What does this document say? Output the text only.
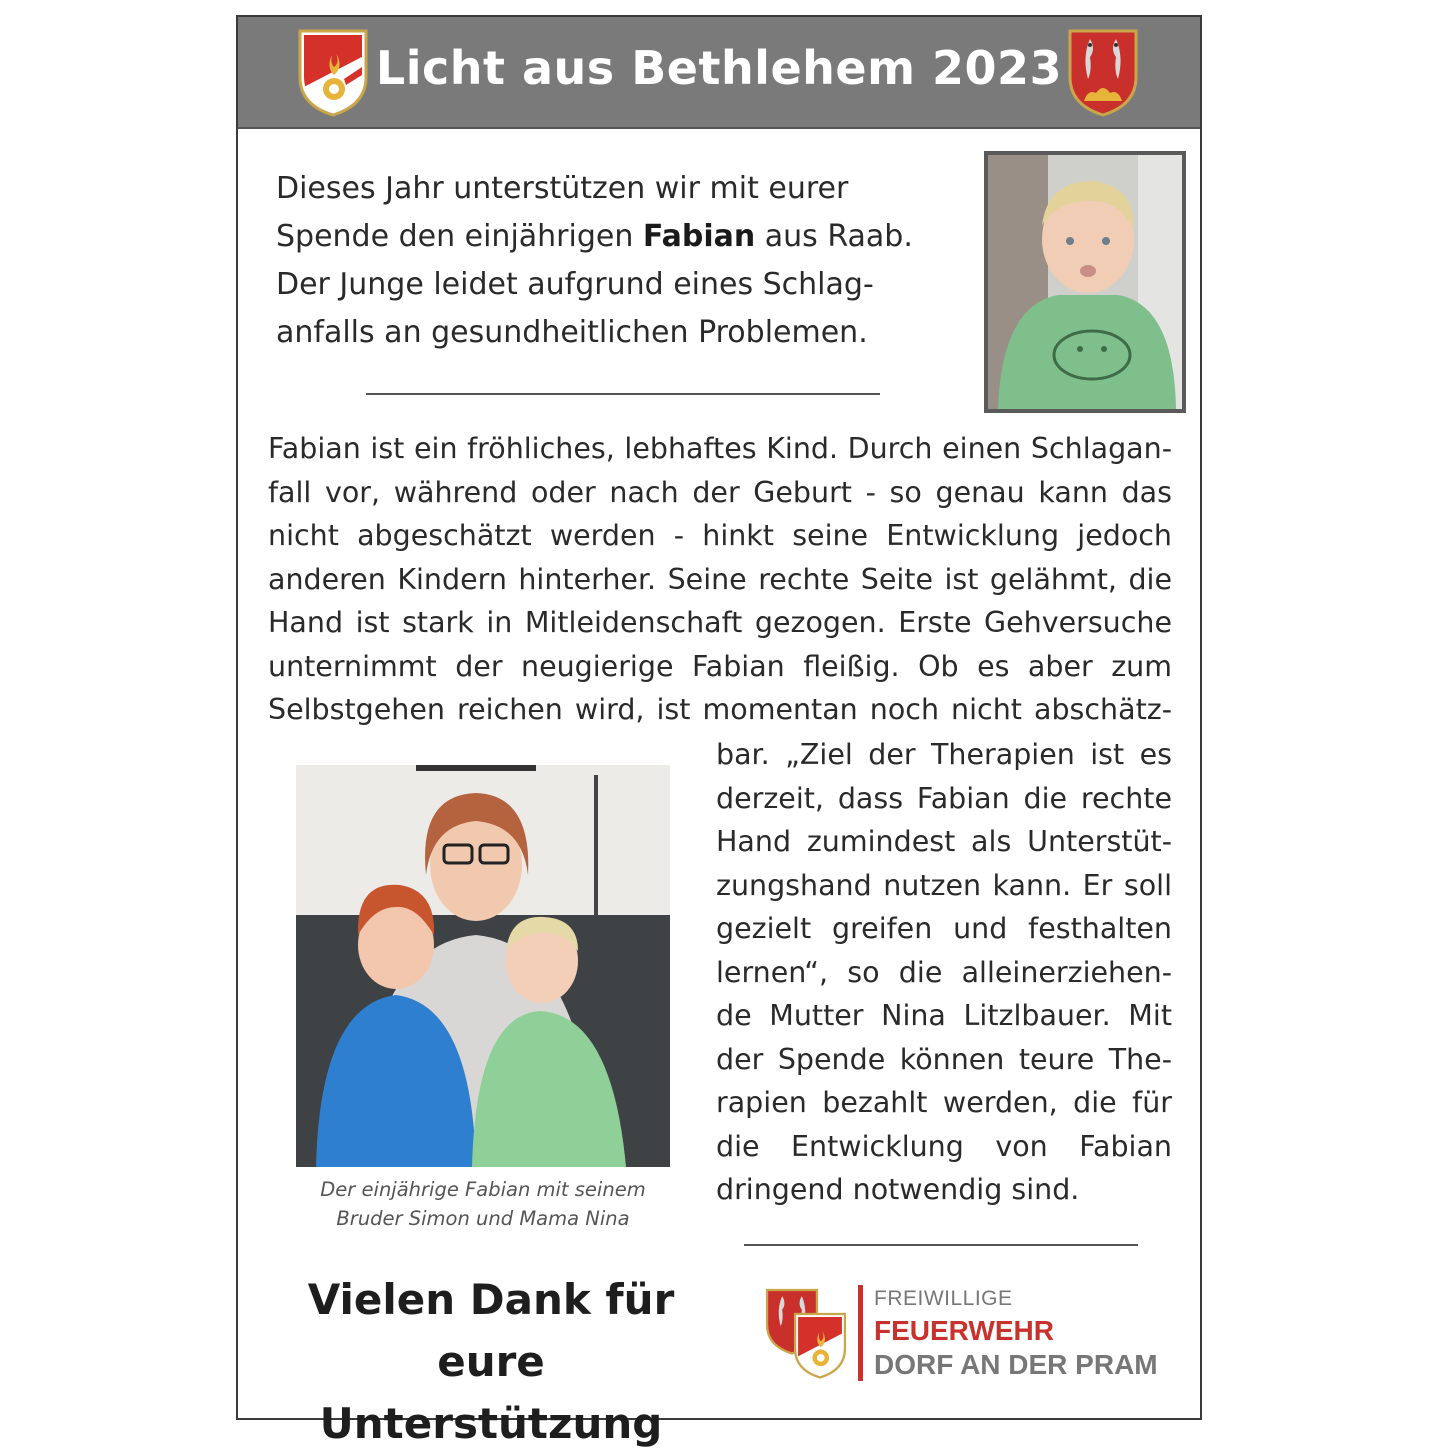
Licht aus Bethlehem 2023
Dieses Jahr unterstützen wir mit eurer Spende den einjährigen Fabian aus Raab. Der Junge leidet aufgrund eines Schlag- anfalls an gesundheitlichen Problemen.
Fabian ist ein fröhliches, lebhaftes Kind. Durch einen Schlagan-
fall vor, während oder nach der Geburt - so genau kann das
nicht abgeschätzt werden - hinkt seine Entwicklung jedoch
anderen Kindern hinterher. Seine rechte Seite ist gelähmt, die
Hand ist stark in Mitleidenschaft gezogen. Erste Gehversuche
unternimmt der neugierige Fabian fleißig. Ob es aber zum
Selbstgehen reichen wird, ist momentan noch nicht abschätz-
bar. „Ziel der Therapien ist es
derzeit, dass Fabian die rechte
Hand zumindest als Unterstüt-
zungshand nutzen kann. Er soll
gezielt greifen und festhalten
lernen“, so die alleinerziehen-
de Mutter Nina Litzlbauer. Mit
der Spende können teure The-
rapien bezahlt werden, die für
die Entwicklung von Fabian
dringend notwendig sind.
Der einjährige Fabian mit seinem
Bruder Simon und Mama Nina
Vielen Dank für
eure Unterstützung
FREIWILLIGE
FEUERWEHR
DORF AN DER PRAM
